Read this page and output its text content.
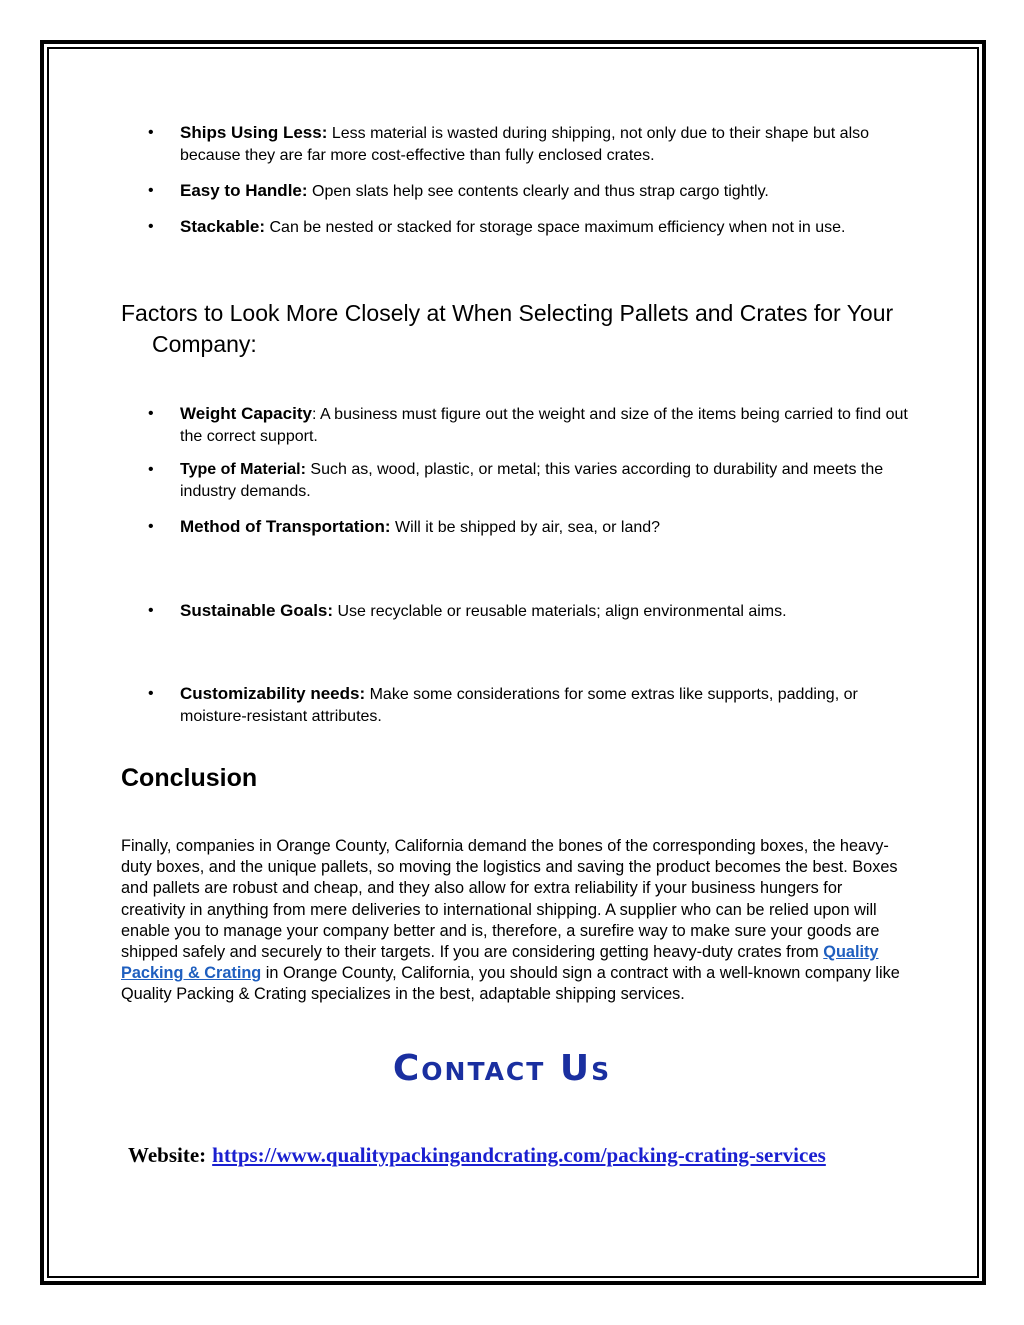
• Ships Using Less: Less material is wasted during shipping, not only due to their shape but also because they are far more cost-effective than fully enclosed crates.
• Easy to Handle: Open slats help see contents clearly and thus strap cargo tightly.
• Stackable: Can be nested or stacked for storage space maximum efficiency when not in use.
Factors to Look More Closely at When Selecting Pallets and Crates for Your Company:
• Weight Capacity: A business must figure out the weight and size of the items being carried to find out the correct support.
• Type of Material: Such as, wood, plastic, or metal; this varies according to durability and meets the industry demands.
• Method of Transportation: Will it be shipped by air, sea, or land?
• Sustainable Goals: Use recyclable or reusable materials; align environmental aims.
• Customizability needs: Make some considerations for some extras like supports, padding, or moisture-resistant attributes.
Conclusion

Finally, companies in Orange County, California demand the bones of the corresponding boxes, the heavy-duty boxes, and the unique pallets, so moving the logistics and saving the product becomes the best. Boxes and pallets are robust and cheap, and they also allow for extra reliability if your business hungers for creativity in anything from mere deliveries to international shipping. A supplier who can be relied upon will enable you to manage your company better and is, therefore, a surefire way to make sure your goods are shipped safely and securely to their targets. If you are considering getting heavy-duty crates from Quality Packing & Crating in Orange County, California, you should sign a contract with a well-known company like Quality Packing & Crating specializes in the best, adaptable shipping services.

Contact Us
Website: https://www.qualitypackingandcrating.com/packing-crating-services
